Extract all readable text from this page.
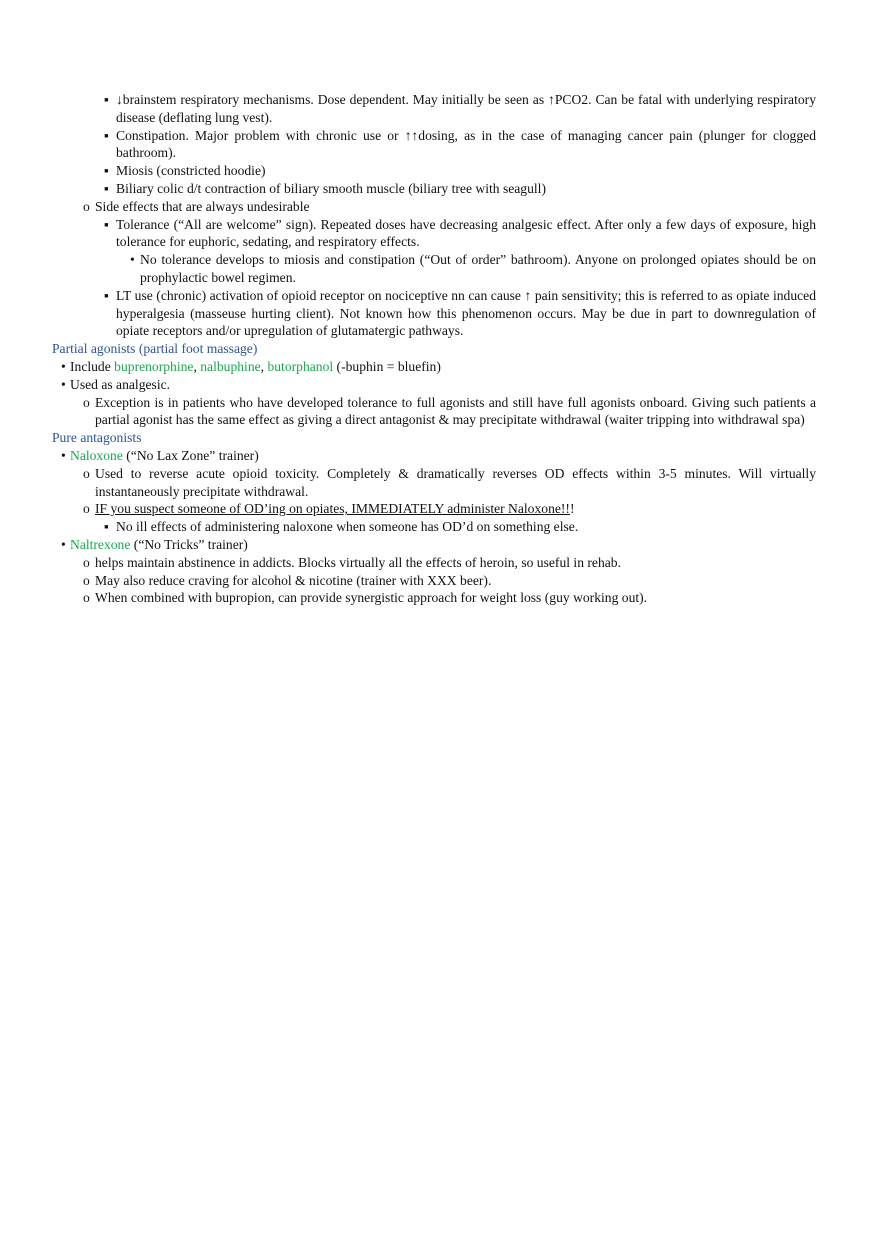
▪ ↓brainstem respiratory mechanisms. Dose dependent. May initially be seen as ↑PCO2. Can be fatal with underlying respiratory disease (deflating lung vest).
▪ Constipation. Major problem with chronic use or ↑↑dosing, as in the case of managing cancer pain (plunger for clogged bathroom).
▪ Miosis (constricted hoodie)
▪ Biliary colic d/t contraction of biliary smooth muscle (biliary tree with seagull)
o Side effects that are always undesirable
▪ Tolerance (“All are welcome” sign). Repeated doses have decreasing analgesic effect. After only a few days of exposure, high tolerance for euphoric, sedating, and respiratory effects.
• No tolerance develops to miosis and constipation (“Out of order” bathroom). Anyone on prolonged opiates should be on prophylactic bowel regimen.
▪ LT use (chronic) activation of opioid receptor on nociceptive nn can cause ↑ pain sensitivity; this is referred to as opiate induced hyperalgesia (masseuse hurting client). Not known how this phenomenon occurs. May be due in part to downregulation of opiate receptors and/or upregulation of glutamatergic pathways.
Partial agonists (partial foot massage)
• Include buprenorphine, nalbuphine, butorphanol (-buphin = bluefin)
• Used as analgesic.
o Exception is in patients who have developed tolerance to full agonists and still have full agonists onboard. Giving such patients a partial agonist has the same effect as giving a direct antagonist & may precipitate withdrawal (waiter tripping into withdrawal spa)
Pure antagonists
• Naloxone (“No Lax Zone” trainer)
o Used to reverse acute opioid toxicity. Completely & dramatically reverses OD effects within 3-5 minutes. Will virtually instantaneously precipitate withdrawal.
o IF you suspect someone of OD’ing on opiates, IMMEDIATELY administer Naloxone!!!
▪ No ill effects of administering naloxone when someone has OD’d on something else.
• Naltrexone (“No Tricks” trainer)
o helps maintain abstinence in addicts. Blocks virtually all the effects of heroin, so useful in rehab.
o May also reduce craving for alcohol & nicotine (trainer with XXX beer).
o When combined with bupropion, can provide synergistic approach for weight loss (guy working out).
